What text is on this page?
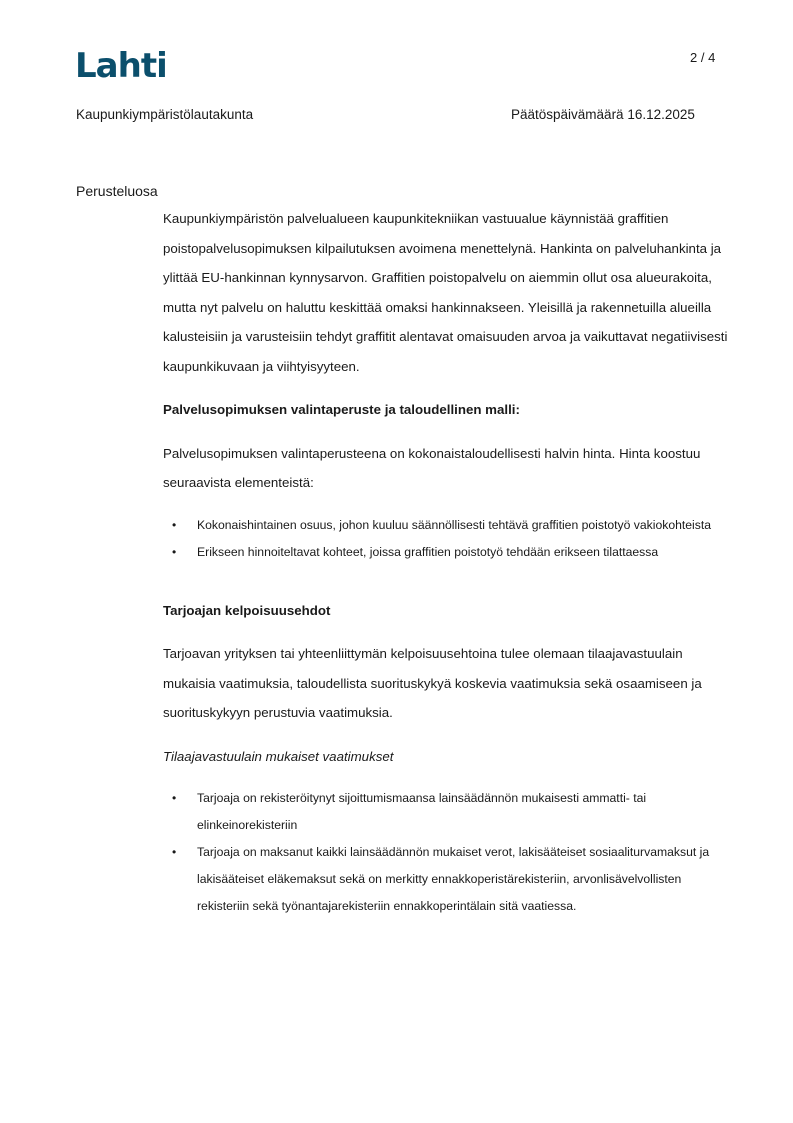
Lahti	2 / 4
Kaupunkiympäristölautakunta	Päätöspäivämäärä 16.12.2025
Perusteluosa

Kaupunkiympäristön palvelualueen kaupunkitekniikan vastuualue käynnistää graffitien poistopalvelusopimuksen kilpailutuksen avoimena menettelynä. Hankinta on palveluhankinta ja ylittää EU-hankinnan kynnysarvon. Graffitien poistopalvelu on aiemmin ollut osa alueurakoita, mutta nyt palvelu on haluttu keskittää omaksi hankinnakseen. Yleisillä ja rakennetuilla alueilla kalusteisiin ja varusteisiin tehdyt graffitit alentavat omaisuuden arvoa ja vaikuttavat negatiivisesti kaupunkikuvaan ja viihtyisyyteen.

Palvelusopimuksen valintaperuste ja taloudellinen malli:

Palvelusopimuksen valintaperusteena on kokonaistaloudellisesti halvin hinta. Hinta koostuu seuraavista elementeistä:

• Kokonaishintainen osuus, johon kuuluu säännöllisesti tehtävä graffitien poistotyö vakiokohteista
• Erikseen hinnoiteltavat kohteet, joissa graffitien poistotyö tehdään erikseen tilattaessa
Tarjoajan kelpoisuusehdot

Tarjoavan yrityksen tai yhteenliittymän kelpoisuusehtoina tulee olemaan tilaajavastuulain mukaisia vaatimuksia, taloudellista suorituskykyä koskevia vaatimuksia sekä osaamiseen ja suorituskykyyn perustuvia vaatimuksia.

Tilaajavastuulain mukaiset vaatimukset
• Tarjoaja on rekisteröitynyt sijoittumismaansa lainsäädännön mukaisesti ammatti- tai elinkeinorekisteriin
• Tarjoaja on maksanut kaikki lainsäädännön mukaiset verot, lakisääteiset sosiaaliturvamaksut ja lakisääteiset eläkemaksut sekä on merkitty ennakkoperistärekisteriin, arvonlisävelvollisten rekisteriin sekä työnantajarekisteriin ennakkoperintälain sitä vaatiessa.
